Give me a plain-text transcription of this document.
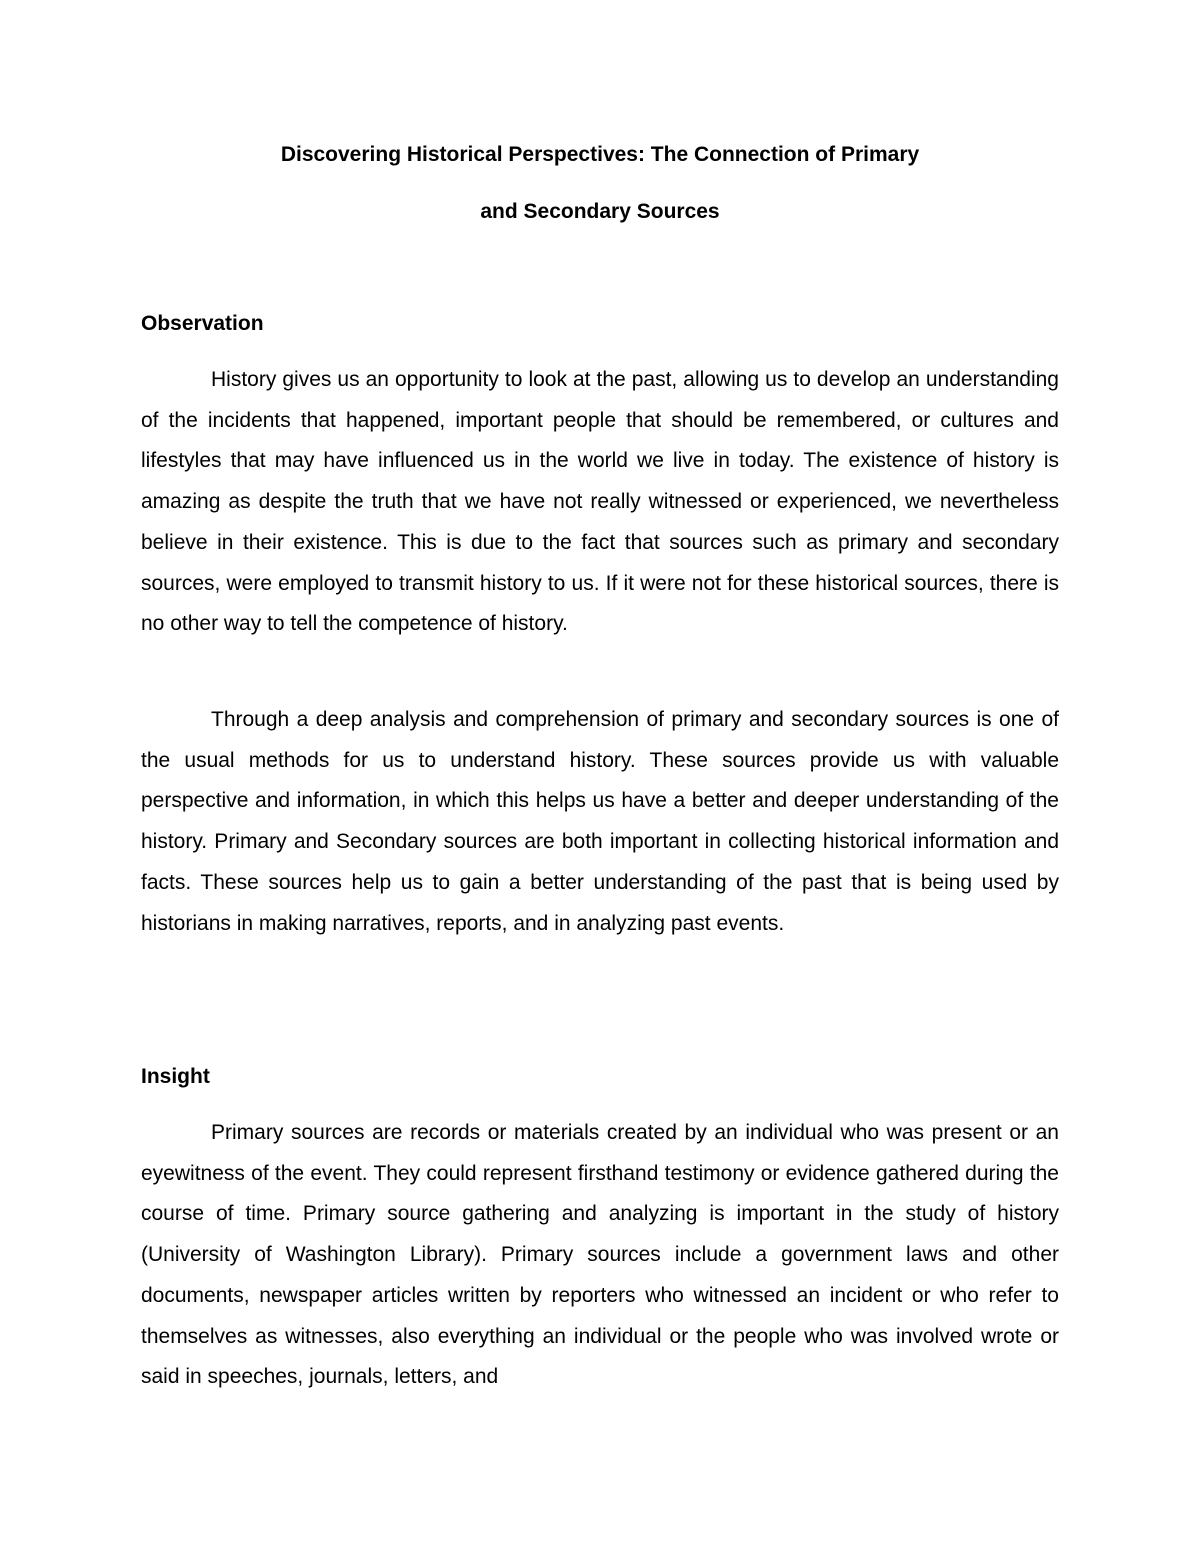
Discovering Historical Perspectives: The Connection of Primary
and Secondary Sources
Observation

History gives us an opportunity to look at the past, allowing us to develop an understanding of the incidents that happened, important people that should be remembered, or cultures and lifestyles that may have influenced us in the world we live in today. The existence of history is amazing as despite the truth that we have not really witnessed or experienced, we nevertheless believe in their existence. This is due to the fact that sources such as primary and secondary sources, were employed to transmit history to us. If it were not for these historical sources, there is no other way to tell the competence of history.

Through a deep analysis and comprehension of primary and secondary sources is one of the usual methods for us to understand history. These sources provide us with valuable perspective and information, in which this helps us have a better and deeper understanding of the history. Primary and Secondary sources are both important in collecting historical information and facts. These sources help us to gain a better understanding of the past that is being used by historians in making narratives, reports, and in analyzing past events.

Insight

Primary sources are records or materials created by an individual who was present or an eyewitness of the event. They could represent firsthand testimony or evidence gathered during the course of time. Primary source gathering and analyzing is important in the study of history (University of Washington Library). Primary sources include a government laws and other documents, newspaper articles written by reporters who witnessed an incident or who refer to themselves as witnesses, also everything an individual or the people who was involved wrote or said in speeches, journals, letters, and
